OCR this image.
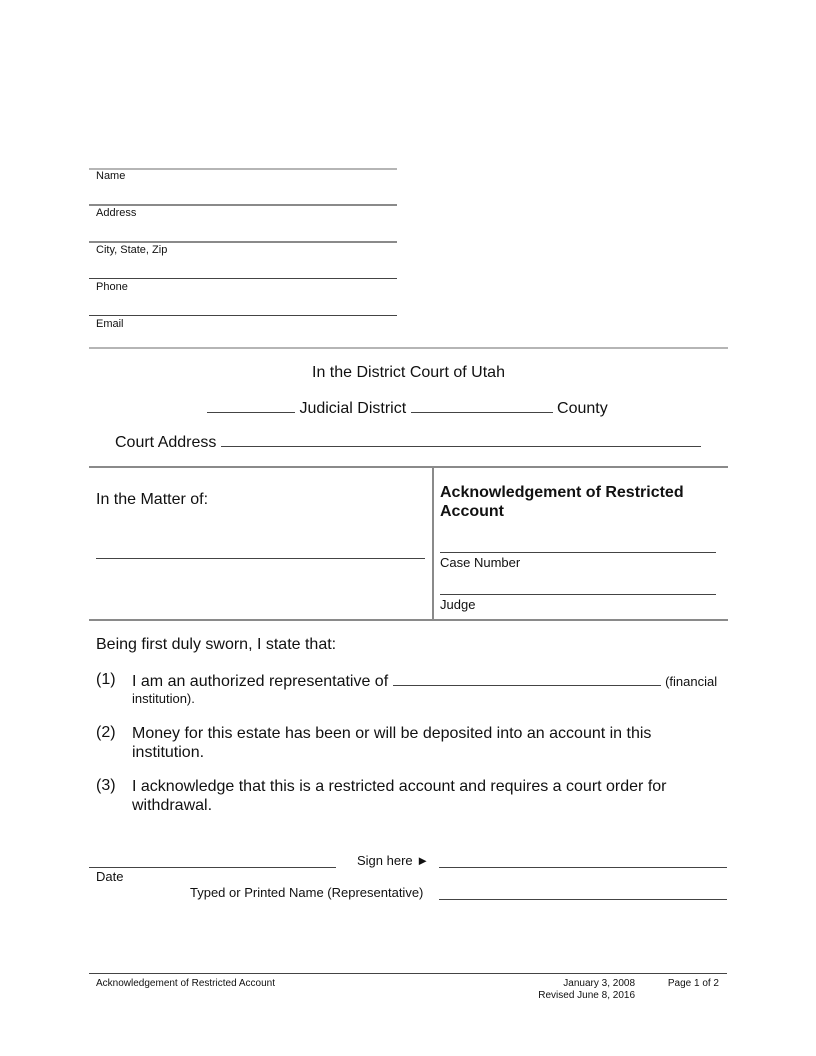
Name
Address
City, State, Zip
Phone
Email
In the District Court of Utah
Judicial District	County
Court Address
In the Matter of:	Acknowledgement of Restricted Account
Case Number
Judge
Being first duly sworn, I state that:
(1) I am an authorized representative of	(financial
institution).
(2) Money for this estate has been or will be deposited into an account in this institution.
(3) I acknowledge that this is a restricted account and requires a court order for withdrawal.
Date
Sign here ►
Typed or Printed Name (Representative)
Acknowledgement of Restricted Account	January 3, 2008
Revised June 8, 2016
Page 1 of 2
